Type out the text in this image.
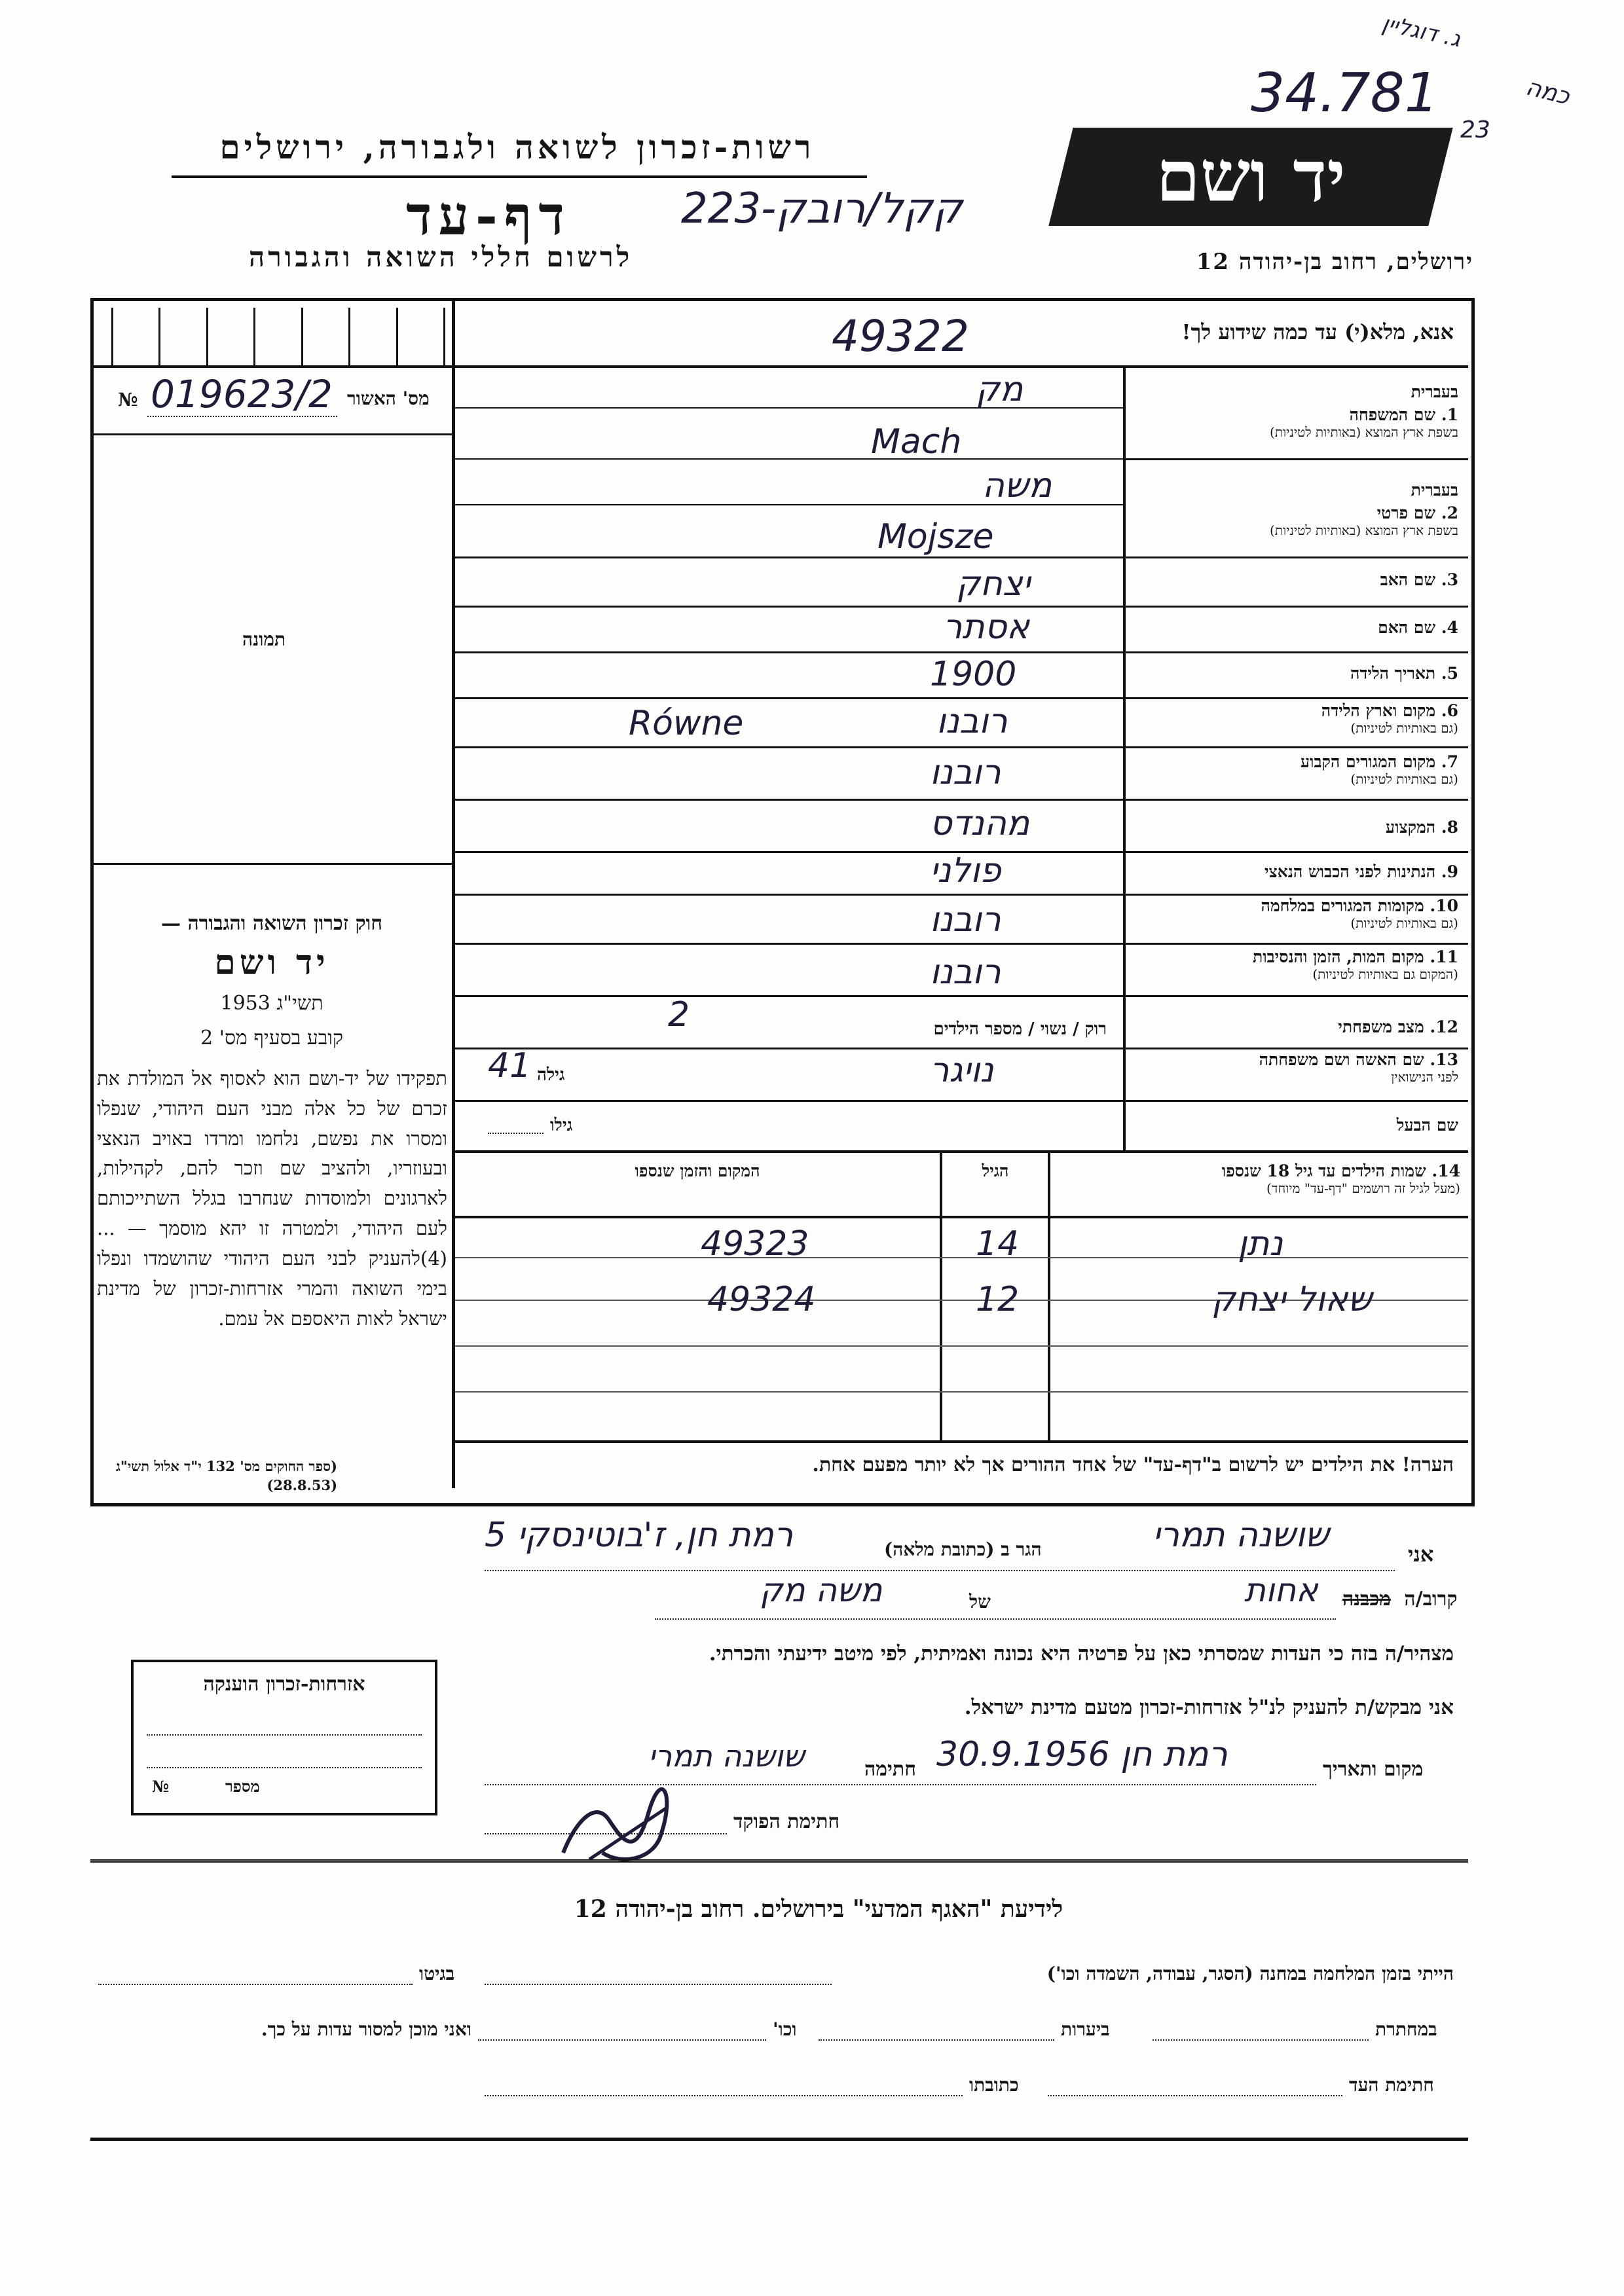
34.781
ג. דוגליין
כמה
23
רשות-זכרון לשואה ולגבורה, ירושלים
דף-עד	קקל/רובק-223
לרשום חללי השואה והגבורה
יד ושם
ירושלים, רחוב בן-יהודה 12
אנא, מלא(י) עד כמה שידוע לך!
49322
מס' האשור
019623/2
№
תמונה
חוק זכרון השואה והגבורה —
יד ושם
תשי"ג 1953
קובע בסעיף מס' 2
תפקידו של יד-ושם הוא לאסוף אל המולדת את זכרם של כל אלה מבני העם היהודי, שנפלו ומסרו את נפשם, נלחמו ומרדו באויב הנאצי ובעוזריו, ולהציב שם וזכר להם, לקהילות, לארגונים ולמוסדות שנחרבו בגלל השתייכותם לעם היהודי, ולמטרה זו יהא מוסמך — ...(4)להעניק לבני העם היהודי שהושמדו ונפלו בימי השואה והמרי אזרחות-זכרון של מדינת ישראל לאות היאספם אל עמם.
(ספר החוקים מס' 132 י"ד אלול תשי"ג (28.8.53)
בעברית
1. שם המשפחה
בשפת ארץ המוצא (באותיות לטיניות)
מק
Mach
בעברית
2. שם פרטי
בשפת ארץ המוצא (באותיות לטיניות)
משה
Mojsze
3. שם האב
יצחק
4. שם האם
אסתר
5. תאריך הלידה
1900
6. מקום וארץ הלידה
(גם באותיות לטיניות)
רובנו
Równe
7. מקום המגורים הקבוע
(גם באותיות לטיניות)
רובנו
8. המקצוע
מהנדס
9. הנתינות לפני הכבוש הנאצי
פולני
10. מקומות המגורים במלחמה
(גם באותיות לטיניות)
רובנו
11. מקום המות, הזמן והנסיבות
(המקום גם באותיות לטיניות)
רובנו
12. מצב משפחתי
רוק / נשוי / מספר הילדים
2
13. שם האשה ושם משפחתה
לפני הנישואין
נויגר
גילה
41
שם הבעל
גילו
14. שמות הילדים עד גיל 18 שנספו
(מעל לגיל זה רושמים "דף-עד" מיוחד)
הגיל
המקום והזמן שנספו
נתן
14
49323
שאול יצחק
12
49324
הערה! את הילדים יש לרשום ב"דף-עד" של אחד ההורים אך לא יותר מפעם אחת.
אני
שושנה תמרי
הגר ב (כתובת מלאה)
רמת חן, ז'בוטינסקי 5
קרוב/ה מכבנה
אחות
של
משה מק
מצהיר/ה בזה כי העדות שמסרתי כאן על פרטיה היא נכונה ואמיתית, לפי מיטב ידיעתי והכרתי.
אני מבקש/ת להעניק לנ"ל אזרחות-זכרון מטעם מדינת ישראל.
מקום ותאריך
רמת חן 30.9.1956
חתימה
שושנה תמרי
חתימת הפוקד
אזרחות-זכרון הוענקה
מספר
№
לידיעת "האגף המדעי" בירושלים. רחוב בן-יהודה 12
הייתי בזמן המלחמה במחנה (הסגר, עבודה, השמדה וכו')
בגיטו
במחתרת
ביערות
וכו'
ואני מוכן למסור עדות על כך.
חתימת העד
כתובתו
